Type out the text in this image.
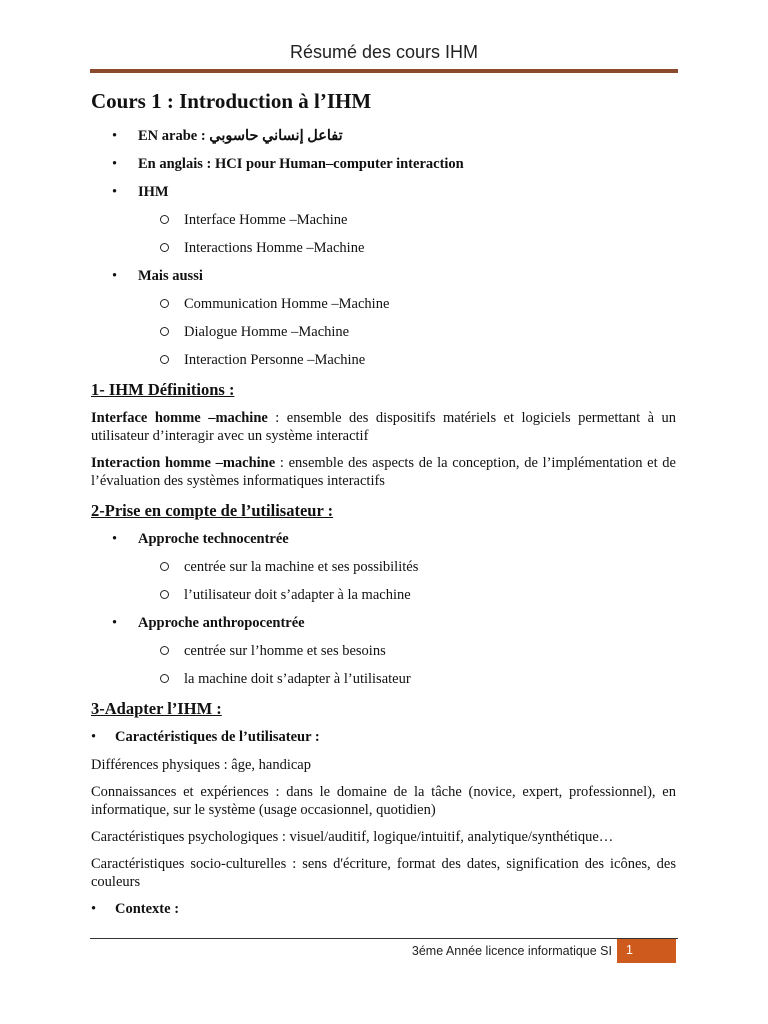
Résumé des cours IHM
Cours 1 : Introduction à l’IHM
• EN arabe : تفاعل إنساني حاسوبي
• En anglais : HCI pour Human–computer interaction
• IHM
Interface Homme –Machine
Interactions Homme –Machine
• Mais aussi
Communication Homme –Machine
Dialogue Homme –Machine
Interaction Personne –Machine
1- IHM Définitions :

Interface homme –machine : ensemble des dispositifs matériels et logiciels permettant à un utilisateur d’interagir avec un système interactif

Interaction homme –machine : ensemble des aspects de la conception, de l’implémentation et de l’évaluation des systèmes informatiques interactifs

2-Prise en compte de l’utilisateur :
• Approche technocentrée
centrée sur la machine et ses possibilités
l’utilisateur doit s’adapter à la machine
• Approche anthropocentrée
centrée sur l’homme et ses besoins
la machine doit s’adapter à l’utilisateur
3-Adapter l’IHM :
• Caractéristiques de l’utilisateur :

Différences physiques : âge, handicap

Connaissances et expériences : dans le domaine de la tâche (novice, expert, professionnel), en informatique, sur le système (usage occasionnel, quotidien)

Caractéristiques psychologiques : visuel/auditif, logique/intuitif, analytique/synthétique…

Caractéristiques socio-culturelles : sens d'écriture, format des dates, signification des icônes, des couleurs

• Contexte :
3éme Année licence informatique SI	1
